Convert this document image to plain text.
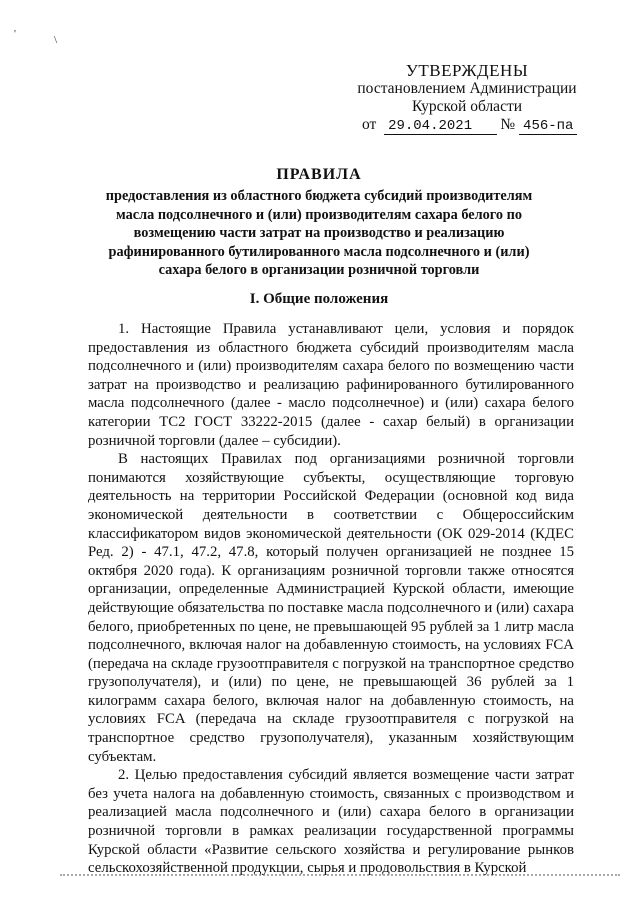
'	\
УТВЕРЖДЕНЫ
постановлением Администрации
Курской области
от 29.04.2021 № 456-па
ПРАВИЛА
предоставления из областного бюджета субсидий производителям
масла подсолнечного и (или) производителям сахара белого по
возмещению части затрат на производство и реализацию
рафинированного бутилированного масла подсолнечного и (или)
сахара белого в организации розничной торговли
I. Общие положения

1. Настоящие Правила устанавливают цели, условия и порядок предоставления из областного бюджета субсидий производителям масла подсолнечного и (или) производителям сахара белого по возмещению части затрат на производство и реализацию рафинированного бутилированного масла подсолнечного (далее - масло подсолнечное) и (или) сахара белого категории ТС2 ГОСТ 33222-2015 (далее - сахар белый) в организации розничной торговли (далее – субсидии).

В настоящих Правилах под организациями розничной торговли понимаются хозяйствующие субъекты, осуществляющие торговую деятельность на территории Российской Федерации (основной код вида экономической деятельности в соответствии с Общероссийским классификатором видов экономической деятельности (ОК 029-2014 (КДЕС Ред. 2) - 47.1, 47.2, 47.8, который получен организацией не позднее 15 октября 2020 года). К организациям розничной торговли также относятся организации, определенные Администрацией Курской области, имеющие действующие обязательства по поставке масла подсолнечного и (или) сахара белого, приобретенных по цене, не превышающей 95 рублей за 1 литр масла подсолнечного, включая налог на добавленную стоимость, на условиях FCA (передача на складе грузоотправителя с погрузкой на транспортное средство грузополучателя), и (или) по цене, не превышающей 36 рублей за 1 килограмм сахара белого, включая налог на добавленную стоимость, на условиях FCA (передача на складе грузоотправителя с погрузкой на транспортное средство грузополучателя), указанным хозяйствующим субъектам.

2. Целью предоставления субсидий является возмещение части затрат без учета налога на добавленную стоимость, связанных с производством и реализацией масла подсолнечного и (или) сахара белого в организации розничной торговли в рамках реализации государственной программы Курской области «Развитие сельского хозяйства и регулирование рынков сельскохозяйственной продукции, сырья и продовольствия в Курской
